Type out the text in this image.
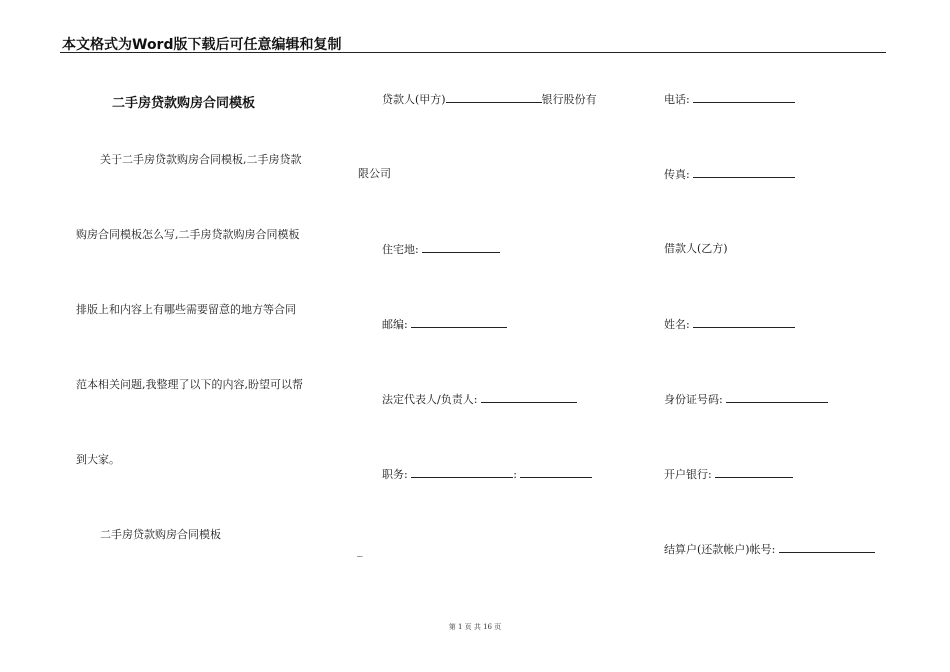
本文格式为Word版下载后可任意编辑和复制
二手房贷款购房合同模板
关于二手房贷款购房合同模板,二手房贷款
购房合同模板怎么写,二手房贷款购房合同模板
排版上和内容上有哪些需要留意的地方等合同
范本相关问题,我整理了以下的内容,盼望可以帮
到大家。
二手房贷款购房合同模板
贷款人(甲方)	银行股份有
限公司
住宅地:
邮编:
法定代表人/负责人:
职务:	:
_
电话:
传真:
借款人(乙方)
姓名:
身份证号码:
开户银行:
结算户(还款帐户)帐号:
第 1 页 共 16 页
